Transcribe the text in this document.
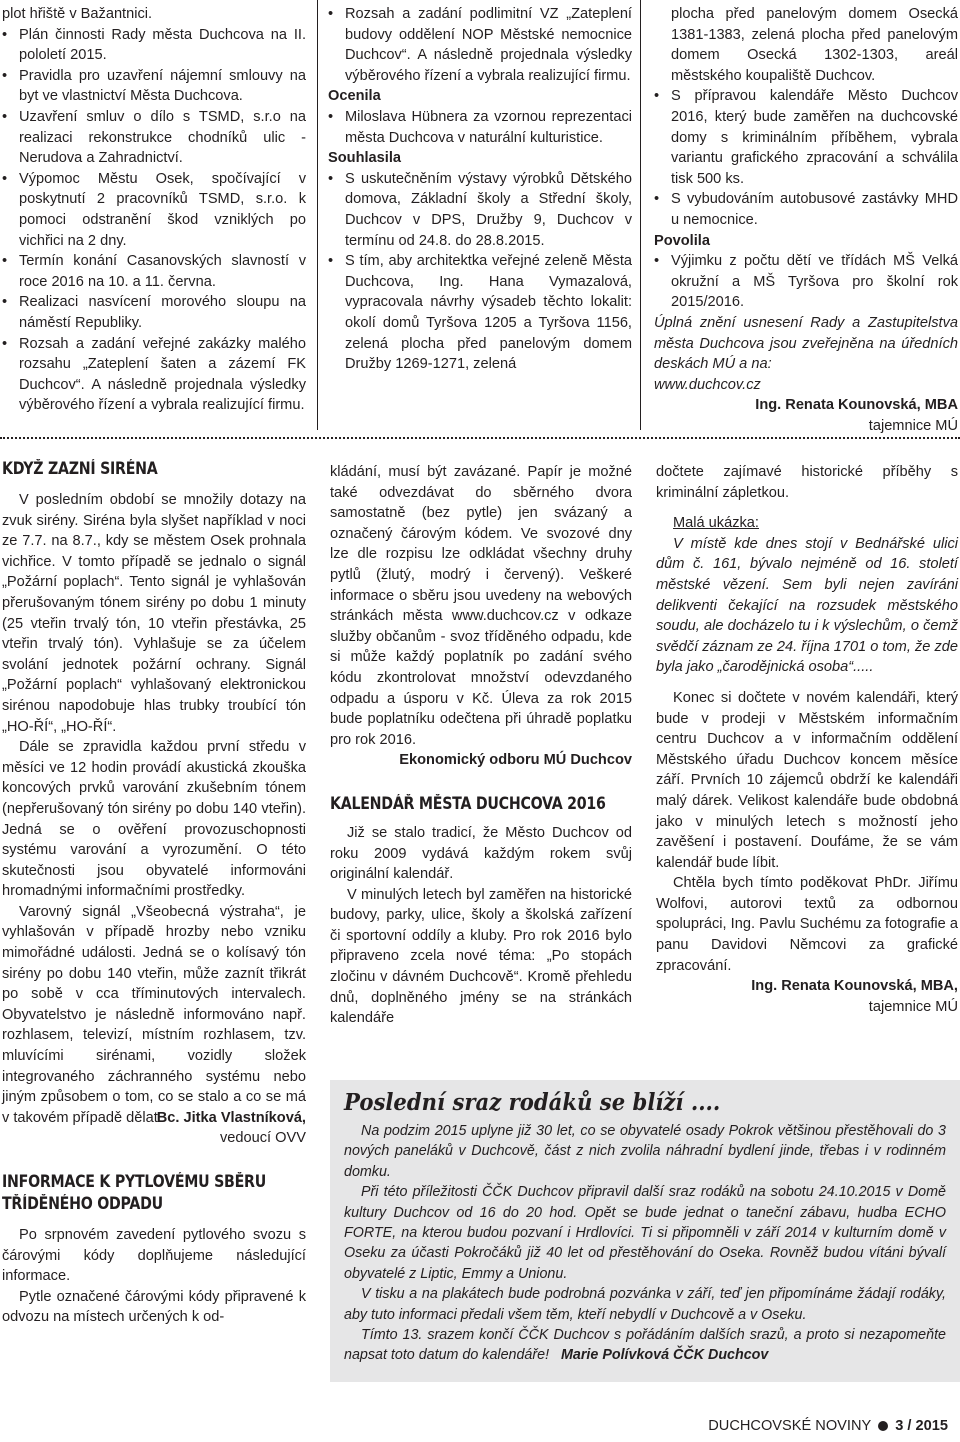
plot hřiště v Bažantnici.

• Plán činnosti Rady města Duchcova na II. pololetí 2015.
• Pravidla pro uzavření nájemní smlouvy na byt ve vlastnictví Města Duchcova.
• Uzavření smluv o dílo s TSMD, s.r.o na realizaci rekonstrukce chodníků ulic - Nerudova a Zahradnictví.
• Výpomoc Městu Osek, spočívající v poskytnutí 2 pracovníků TSMD, s.r.o. k pomoci odstranění škod vzniklých po vichřici na 2 dny.
• Termín konání Casanovských slavností v roce 2016 na 10. a 11. června.
• Realizaci nasvícení morového sloupu na náměstí Republiky.
• Rozsah a zadání veřejné zakázky malého rozsahu „Zateplení šaten a zázemí FK Duchcov“. A následně projednala výsledky výběrového řízení a vybrala realizující firmu.
• Rozsah a zadání podlimitní VZ „Zateplení budovy oddělení NOP Městské nemocnice Duchcov“. A následně projednala výsledky výběrového řízení a vybrala realizující firmu.

Ocenila

• Miloslava Hübnera za vzornou reprezentaci města Duchcova v naturální kulturistice.

Souhlasila

• S uskutečněním výstavy výrobků Dětského domova, Základní školy a Střední školy, Duchcov v DPS, Družby 9, Duchcov v termínu od 24.8. do 28.8.2015.
• S tím, aby architektka veřejné zeleně Města Duchcova, Ing. Hana Vymazalová, vypracovala návrhy výsadeb těchto lokalit: okolí domů Tyršova 1205 a Tyršova 1156, zelená plocha před panelovým domem Družby 1269-1271, zelená

plocha před panelovým domem Osecká 1381-1383, zelená plocha před panelovým domem Osecká 1302-1303, areál městského koupaliště Duchcov.

• S přípravou kalendáře Město Duchcov 2016, který bude zaměřen na duchcovské domy s kriminálním příběhem, vybrala variantu grafického zpracování a schválila tisk 500 ks.
• S vybudováním autobusové zastávky MHD u nemocnice.

Povolila

• Výjimku z počtu dětí ve třídách MŠ Velká okružní a MŠ Tyršova pro školní rok 2015/2016.

Úplná znění usnesení Rady a Zastupitelstva města Duchcova jsou zveřejněna na úředních deskách MÚ a na:

www.duchcov.cz

Ing. Renata Kounovská, MBA

tajemnice MÚ

KDYŽ ZAZNÍ SIRÉNA

V posledním období se množily dotazy na zvuk sirény. Siréna byla slyšet například v noci ze 7.7. na 8.7., kdy se městem Osek prohnala vichřice. V tomto případě se jednalo o signál „Požární poplach“. Tento signál je vyhlašován přerušovaným tónem sirény po dobu 1 minuty (25 vteřin trvalý tón, 10 vteřin přestávka, 25 vteřin trvalý tón). Vyhlašuje se za účelem svolání jednotek požární ochrany. Signál „Požární poplach“ vyhlašovaný elektronickou sirénou napodobuje hlas trubky troubící tón „HO-ŘÍ“, „HO-ŘÍ“.

Dále se zpravidla každou první středu v měsíci ve 12 hodin provádí akustická zkouška koncových prvků varování zkušebním tónem (nepřerušovaný tón sirény po dobu 140 vteřin). Jedná se o ověření provozuschopnosti systému varování a vyrozumění. O této skutečnosti jsou obyvatelé informováni hromadnými informačními prostředky.

Varovný signál „Všeobecná výstraha“, je vyhlašován v případě hrozby nebo vzniku mimořádné události. Jedná se o kolísavý tón sirény po dobu 140 vteřin, může zaznít třikrát po sobě v cca tříminutových intervalech. Obyvatelstvo je následně informováno např. rozhlasem, televizí, místním rozhlasem, tzv. mluvícími sirénami, vozidly složek integrovaného záchranného systému nebo jiným způsobem o tom, co se stalo a co se má v takovém případě dělat.

Bc. Jitka Vlastníková,

vedoucí OVV

INFORMACE K PYTLOVÉMU SBĚRU
TŘÍDĚNÉHO ODPADU

Po srpnovém zavedení pytlového svozu s čárovými kódy doplňujeme následující informace.

Pytle označené čárovými kódy připravené k odvozu na místech určených k od-

kládání, musí být zavázané. Papír je možné také odvezdávat do sběrného dvora samostatně (bez pytle) jen svázaný a označený čárovým kódem. Ve svozové dny lze dle rozpisu lze odkládat všechny druhy pytlů (žlutý, modrý i červený). Veškeré informace o sběru jsou uvedeny na webových stránkách města www.duchcov.cz v odkaze služby občanům - svoz tříděného odpadu, kde si může každý poplatník po zadání svého kódu zkontrolovat množství odevzdaného odpadu a úsporu v Kč. Úleva za rok 2015 bude poplatníku odečtena při úhradě poplatku pro rok 2016.

Ekonomický odboru MÚ Duchcov

KALENDÁŘ MĚSTA DUCHCOVA 2016

Již se stalo tradicí, že Město Duchcov od roku 2009 vydává každým rokem svůj originální kalendář.

V minulých letech byl zaměřen na historické budovy, parky, ulice, školy a školská zařízení či sportovní oddíly a kluby. Pro rok 2016 bylo připraveno zcela nové téma: „Po stopách zločinu v dávném Duchcově“. Kromě přehledu dnů, doplněného jmény se na stránkách kalendáře

dočtete zajímavé historické příběhy s kriminální zápletkou.

Malá ukázka:

V místě kde dnes stojí v Bednářské ulici dům č. 161, bývalo nejméně od 16. století městské vězení. Sem byli nejen zavíráni delikventi čekající na rozsudek městského soudu, ale docházelo tu i k výslechům, o čemž svědčí záznam ze 24. října 1701 o tom, že zde byla jako „čarodějnická osoba“.....

Konec si dočtete v novém kalendáři, který bude v prodeji v Městském informačním centru Duchcov a v informačním oddělení Městského úřadu Duchcov koncem měsíce září. Prvních 10 zájemců obdrží ke kalendáři malý dárek. Velikost kalendáře bude obdobná jako v minulých letech s možností jeho zavěšení i postavení. Doufáme, že se vám kalendář bude líbit.

Chtěla bych tímto poděkovat PhDr. Jiřímu Wolfovi, autorovi textů za odbornou spolupráci, Ing. Pavlu Suchému za fotografie a panu Davidovi Němcovi za grafické zpracování.

Ing. Renata Kounovská, MBA,

tajemnice MÚ

Poslední sraz rodáků se blíží ....

Na podzim 2015 uplyne již 30 let, co se obyvatelé osady Pokrok většinou přestěhovali do 3 nových paneláků v Duchcově, část z nich zvolila náhradní bydlení jinde, třebas i v rodinném domku.

Při této příležitosti ČČK Duchcov připravil další sraz rodáků na sobotu 24.10.2015 v Domě kultury Duchcov od 16 do 20 hod. Opět se bude jednat o taneční zábavu, hudba ECHO FORTE, na kterou budou pozvaní i Hrdlovíci. Ti si připomněli v září 2014 v kulturním domě v Oseku za účasti Pokročáků již 40 let od přestěhování do Oseka. Rovněž budou vítáni bývalí obyvatelé z Liptic, Emmy a Unionu.

V tisku a na plakátech bude podrobná pozvánka v září, teď jen připomínáme žádají rodáky, aby tuto informaci předali všem těm, kteří nebydlí v Duchcově a v Oseku.

Tímto 13. srazem končí ČČK Duchcov s pořádáním dalších srazů, a proto si nezapomeňte napsat toto datum do kalendáře! Marie Polívková ČČK Duchcov

DUCHCOVSKÉ NOVINY 3 / 2015
